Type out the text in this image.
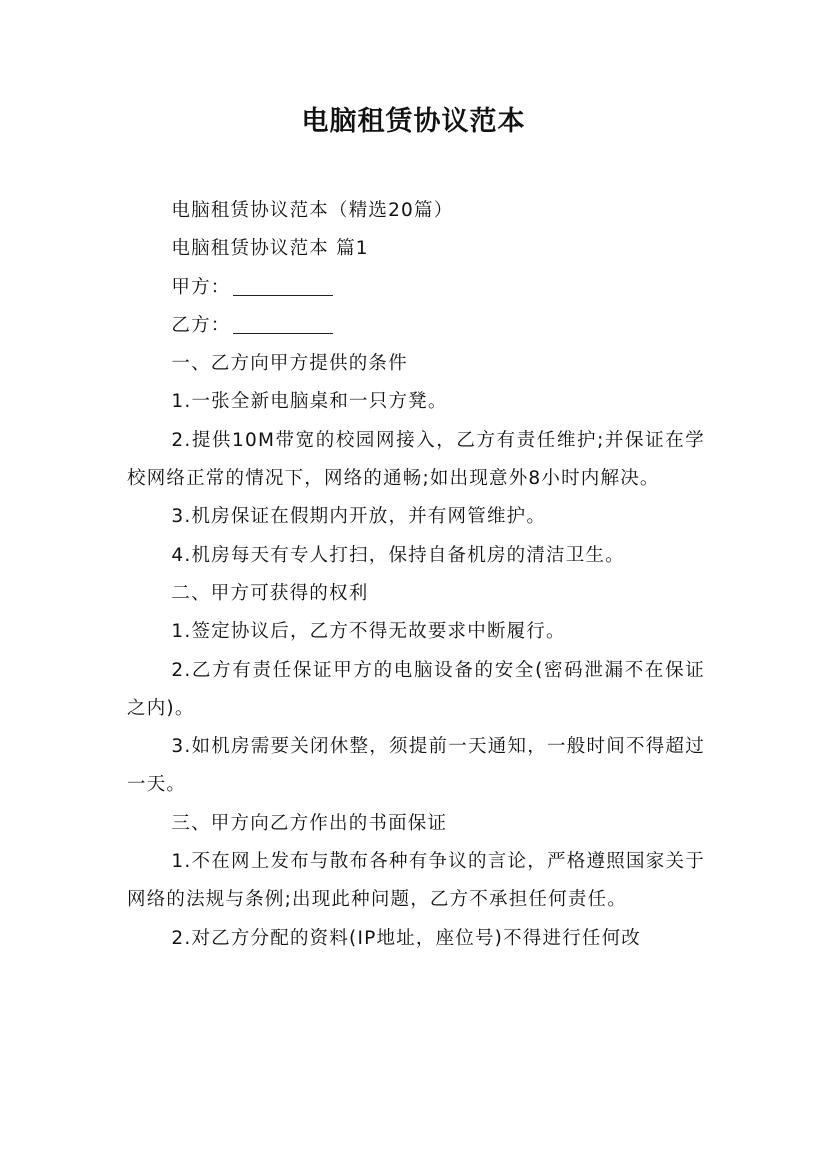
电脑租赁协议范本

电脑租赁协议范本（精选20篇）

电脑租赁协议范本 篇1

甲方：

乙方：

一、乙方向甲方提供的条件

1.一张全新电脑桌和一只方凳。

2.提供10M带宽的校园网接入，乙方有责任维护;并保证在学校网络正常的情况下，网络的通畅;如出现意外8小时内解决。

3.机房保证在假期内开放，并有网管维护。

4.机房每天有专人打扫，保持自备机房的清洁卫生。

二、甲方可获得的权利

1.签定协议后，乙方不得无故要求中断履行。

2.乙方有责任保证甲方的电脑设备的安全(密码泄漏不在保证之内)。

3.如机房需要关闭休整，须提前一天通知，一般时间不得超过一天。

三、甲方向乙方作出的书面保证

1.不在网上发布与散布各种有争议的言论，严格遵照国家关于网络的法规与条例;出现此种问题，乙方不承担任何责任。

2.对乙方分配的资料(IP地址，座位号)不得进行任何改
